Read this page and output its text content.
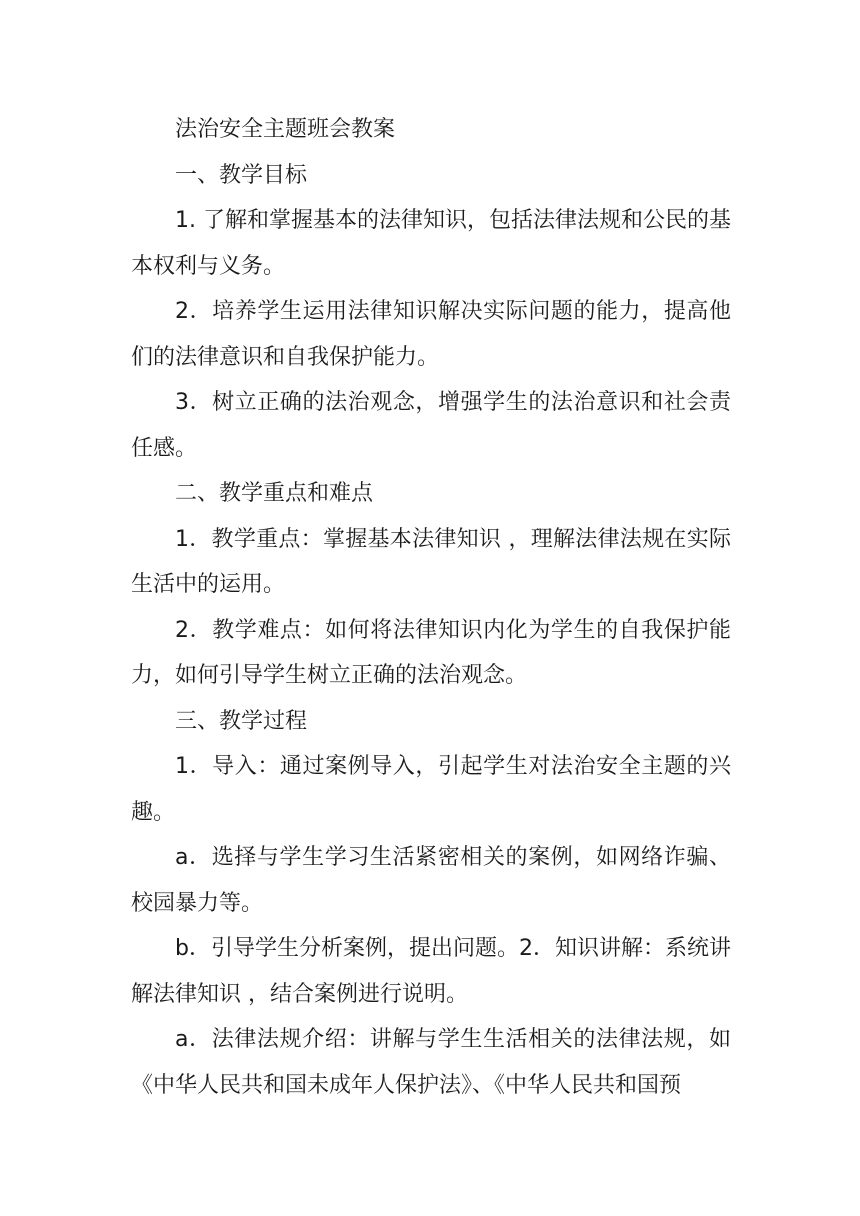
法治安全主题班会教案

一、教学目标

1. 了解和掌握基本的法律知识，包括法律法规和公民的基本权利与义务。

2．培养学生运用法律知识解决实际问题的能力，提高他们的法律意识和自我保护能力。

3．树立正确的法治观念，增强学生的法治意识和社会责任感。

二、教学重点和难点

1．教学重点：掌握基本法律知识 ，理解法律法规在实际生活中的运用。

2．教学难点：如何将法律知识内化为学生的自我保护能力，如何引导学生树立正确的法治观念。

三、教学过程

1．导入：通过案例导入，引起学生对法治安全主题的兴趣。

a．选择与学生学习生活紧密相关的案例，如网络诈骗、校园暴力等。

b．引导学生分析案例，提出问题。2．知识讲解：系统讲解法律知识 ，结合案例进行说明。

a．法律法规介绍：讲解与学生生活相关的法律法规，如《中华人民共和国未成年人保护法》、《中华人民共和国预
